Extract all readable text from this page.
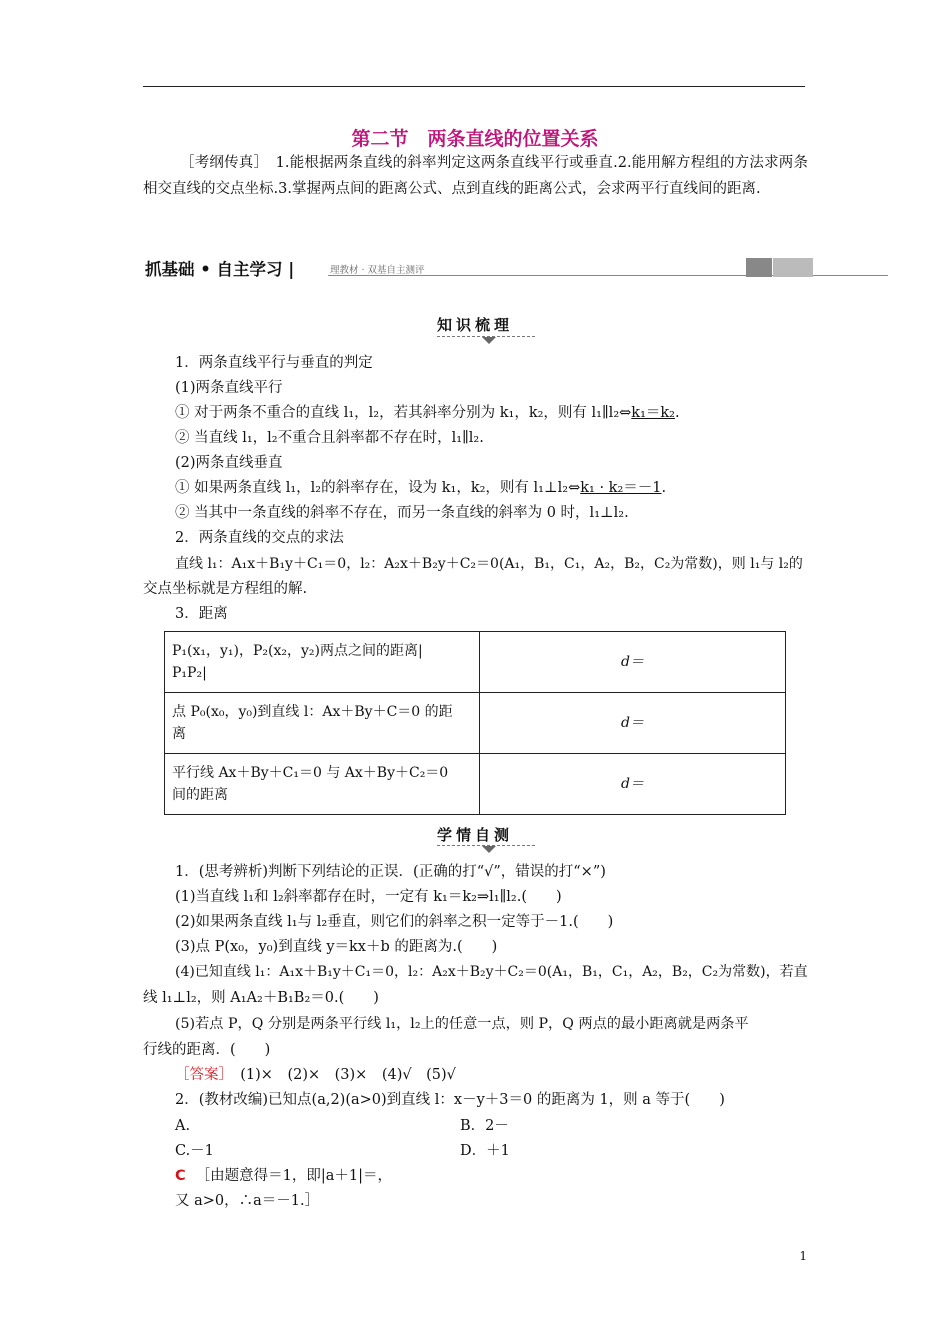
第二节　两条直线的位置关系

［考纲传真］　1.能根据两条直线的斜率判定这两条直线平行或垂直.2.能用解方程组的方法求两条相交直线的交点坐标.3.掌握两点间的距离公式、点到直线的距离公式，会求两平行直线间的距离.

抓基础 • 自主学习 |	理教材 · 双基自主测评
知识梳理
1．两条直线平行与垂直的判定
(1)两条直线平行
① 对于两条不重合的直线 l₁，l₂，若其斜率分别为 k₁，k₂，则有 l₁∥l₂⇔k₁＝k₂.
② 当直线 l₁，l₂不重合且斜率都不存在时，l₁∥l₂.
(2)两条直线垂直
① 如果两条直线 l₁，l₂的斜率存在，设为 k₁，k₂，则有 l₁⊥l₂⇔k₁ · k₂＝－1.
② 当其中一条直线的斜率不存在，而另一条直线的斜率为 0 时，l₁⊥l₂.
2．两条直线的交点的求法
直线 l₁：A₁x＋B₁y＋C₁＝0，l₂：A₂x＋B₂y＋C₂＝0(A₁，B₁，C₁，A₂，B₂，C₂为常数)，则 l₁与 l₂的
交点坐标就是方程组的解.
3．距离
P₁(x₁，y₁)，P₂(x₂，y₂)两点之间的距离|
P₁P₂|	d＝

点 P₀(x₀，y₀)到直线 l：Ax＋By＋C＝0 的距
离	d＝

平行线 Ax＋By＋C₁＝0 与 Ax＋By＋C₂＝0
间的距离	d＝
学情自测
1．(思考辨析)判断下列结论的正误．(正确的打“√”，错误的打“×”)
(1)当直线 l₁和 l₂斜率都存在时，一定有 k₁＝k₂⇒l₁∥l₂.(　　)
(2)如果两条直线 l₁与 l₂垂直，则它们的斜率之积一定等于－1.(　　)
(3)点 P(x₀，y₀)到直线 y＝kx＋b 的距离为.(　　)
(4)已知直线 l₁：A₁x＋B₁y＋C₁＝0，l₂：A₂x＋B₂y＋C₂＝0(A₁，B₁，C₁，A₂，B₂，C₂为常数)，若直
线 l₁⊥l₂，则 A₁A₂＋B₁B₂＝0.(　　)
(5)若点 P，Q 分别是两条平行线 l₁，l₂上的任意一点，则 P，Q 两点的最小距离就是两条平
行线的距离．(　　)
［答案］　(1)×　(2)×　(3)×　(4)√　(5)√
2．(教材改编)已知点(a,2)(a>0)到直线 l：x－y＋3＝0 的距离为 1，则 a 等于(　　)
A.	B．2－
C.－1	D．＋1
C ［由题意得＝1，即|a＋1|＝，
又 a>0，∴a＝－1.］
1
